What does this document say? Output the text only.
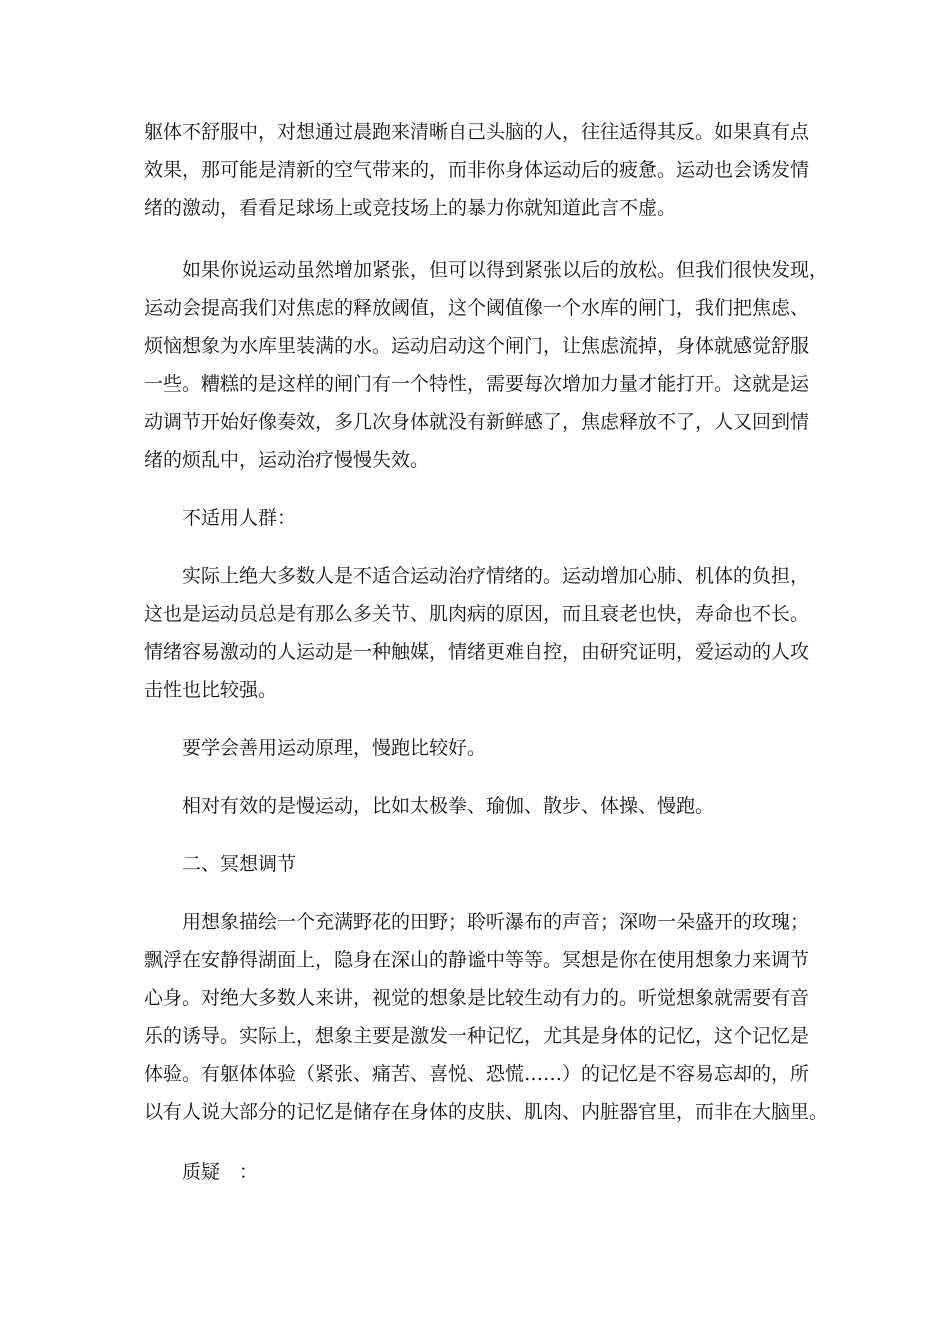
躯体不舒服中，对想通过晨跑来清晰自己头脑的人，往往适得其反。如果真有点

效果，那可能是清新的空气带来的，而非你身体运动后的疲惫。运动也会诱发情

绪的激动，看看足球场上或竞技场上的暴力你就知道此言不虚。

如果你说运动虽然增加紧张，但可以得到紧张以后的放松。但我们很快发现，

运动会提高我们对焦虑的释放阈值，这个阈值像一个水库的闸门，我们把焦虑、

烦恼想象为水库里装满的水。运动启动这个闸门，让焦虑流掉，身体就感觉舒服

一些。糟糕的是这样的闸门有一个特性，需要每次增加力量才能打开。这就是运

动调节开始好像奏效，多几次身体就没有新鲜感了，焦虑释放不了，人又回到情

绪的烦乱中，运动治疗慢慢失效。

不适用人群：

实际上绝大多数人是不适合运动治疗情绪的。运动增加心肺、机体的负担，

这也是运动员总是有那么多关节、肌肉病的原因，而且衰老也快，寿命也不长。

情绪容易激动的人运动是一种触媒，情绪更难自控，由研究证明，爱运动的人攻

击性也比较强。

要学会善用运动原理，慢跑比较好。

相对有效的是慢运动，比如太极拳、瑜伽、散步、体操、慢跑。

二、冥想调节

用想象描绘一个充满野花的田野；聆听瀑布的声音；深吻一朵盛开的玫瑰；

飘浮在安静得湖面上，隐身在深山的静谧中等等。冥想是你在使用想象力来调节

心身。对绝大多数人来讲，视觉的想象是比较生动有力的。听觉想象就需要有音

乐的诱导。实际上，想象主要是激发一种记忆，尤其是身体的记忆，这个记忆是

体验。有躯体体验（紧张、痛苦、喜悦、恐慌……）的记忆是不容易忘却的，所

以有人说大部分的记忆是储存在身体的皮肤、肌肉、内脏器官里，而非在大脑里。

质疑　：
